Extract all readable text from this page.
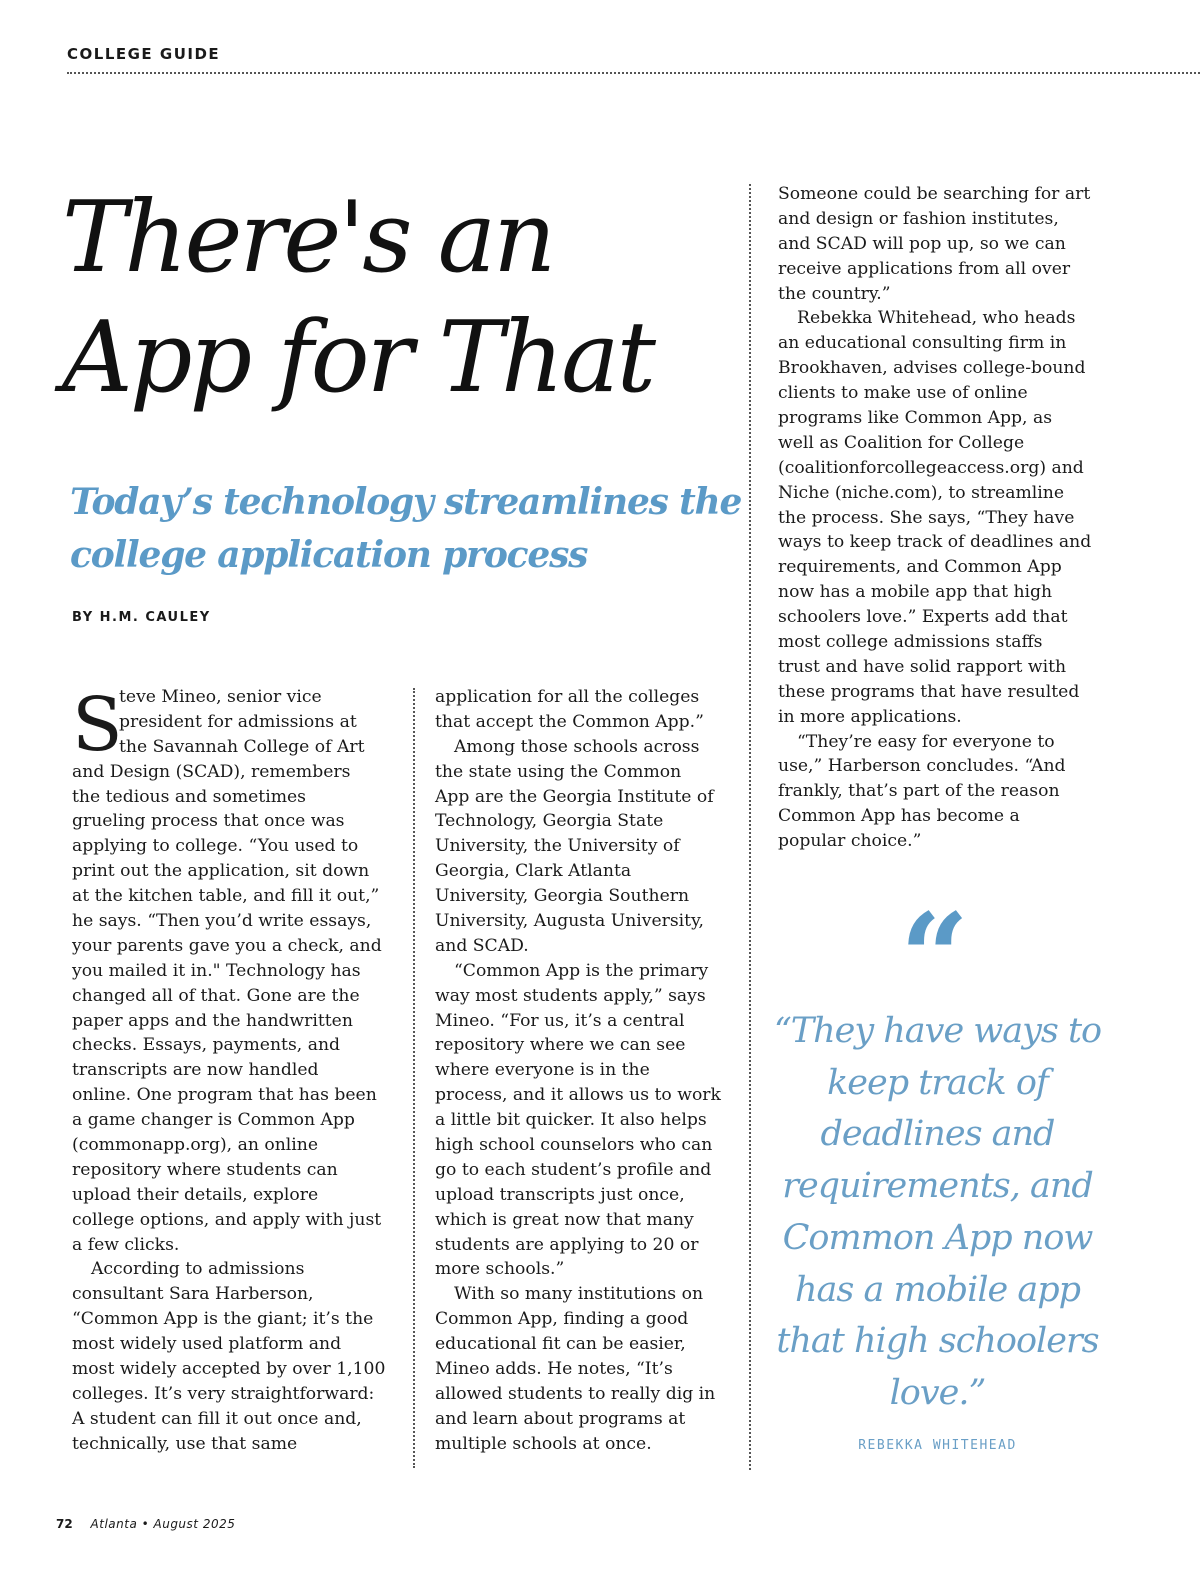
COLLEGE GUIDE
There's an
App for That
Today’s technology streamlines the
college application process
BY H.M. CAULEY
S
teve Mineo, senior vice
president for admissions at
the Savannah College of Art
and Design (SCAD), remembers
the tedious and sometimes
grueling process that once was
applying to college. “You used to
print out the application, sit down
at the kitchen table, and fill it out,”
he says. “Then you’d write essays,
your parents gave you a check, and
you mailed it in." Technology has
changed all of that. Gone are the
paper apps and the handwritten
checks. Essays, payments, and
transcripts are now handled
online. One program that has been
a game changer is Common App
(commonapp.org), an online
repository where students can
upload their details, explore
college options, and apply with just
a few clicks.
According to admissions
consultant Sara Harberson,
“Common App is the giant; it’s the
most widely used platform and
most widely accepted by over 1,100
colleges. It’s very straightforward:
A student can fill it out once and,
technically, use that same
application for all the colleges
that accept the Common App.”
Among those schools across
the state using the Common
App are the Georgia Institute of
Technology, Georgia State
University, the University of
Georgia, Clark Atlanta
University, Georgia Southern
University, Augusta University,
and SCAD.
“Common App is the primary
way most students apply,” says
Mineo. “For us, it’s a central
repository where we can see
where everyone is in the
process, and it allows us to work
a little bit quicker. It also helps
high school counselors who can
go to each student’s profile and
upload transcripts just once,
which is great now that many
students are applying to 20 or
more schools.”
With so many institutions on
Common App, finding a good
educational fit can be easier,
Mineo adds. He notes, “It’s
allowed students to really dig in
and learn about programs at
multiple schools at once.
Someone could be searching for art
and design or fashion institutes,
and SCAD will pop up, so we can
receive applications from all over
the country.”
Rebekka Whitehead, who heads
an educational consulting firm in
Brookhaven, advises college-bound
clients to make use of online
programs like Common App, as
well as Coalition for College
(coalitionforcollegeaccess.org) and
Niche (niche.com), to streamline
the process. She says, “They have
ways to keep track of deadlines and
requirements, and Common App
now has a mobile app that high
schoolers love.” Experts add that
most college admissions staffs
trust and have solid rapport with
these programs that have resulted
in more applications.
“They’re easy for everyone to
use,” Harberson concludes. “And
frankly, that’s part of the reason
Common App has become a
popular choice.”
“
“They have ways to
keep track of
deadlines and
requirements, and
Common App now
has a mobile app
that high schoolers
love.”
REBEKKA WHITEHEAD
72 Atlanta • August 2025
